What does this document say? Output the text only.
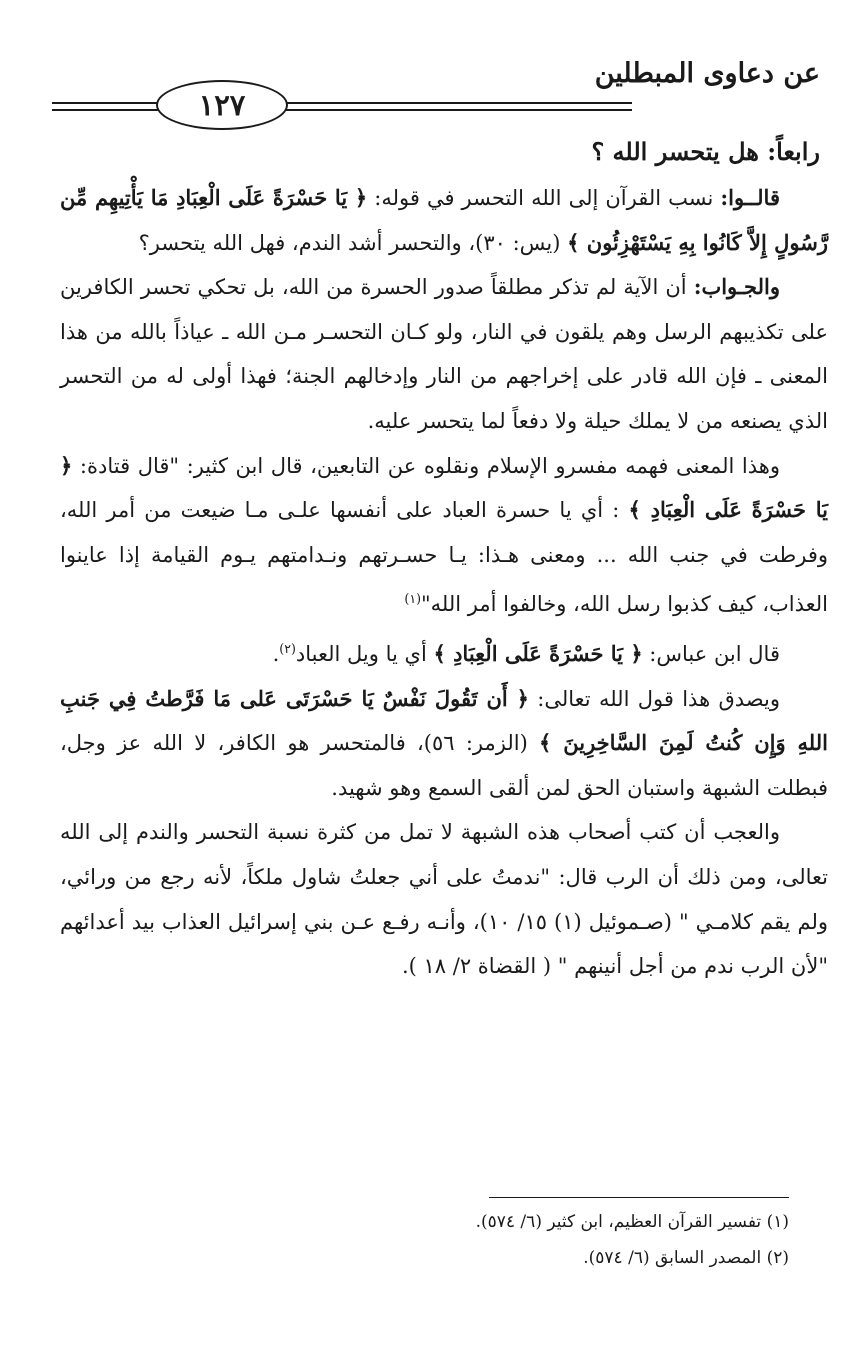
عن دعاوى المبطلين
١٢٧
رابعاً: هل يتحسر الله ؟

قالــوا: نسب القرآن إلى الله التحسر في قوله: ﴿ يَا حَسْرَةً عَلَى الْعِبَادِ مَا يَأْتِيهِم مِّن رَّسُولٍ إِلاَّ كَانُوا بِهِ يَسْتَهْزِئُون ﴾ (يس: ٣٠)، والتحسر أشد الندم، فهل الله يتحسر؟

والجـواب: أن الآية لم تذكر مطلقاً صدور الحسرة من الله، بل تحكي تحسر الكافرين على تكذيبهم الرسل وهم يلقون في النار، ولو كـان التحسـر مـن الله ـ عياذاً بالله من هذا المعنى ـ فإن الله قادر على إخراجهم من النار وإدخالهم الجنة؛ فهذا أولى له من التحسر الذي يصنعه من لا يملك حيلة ولا دفعاً لما يتحسر عليه.

وهذا المعنى فهمه مفسرو الإسلام ونقلوه عن التابعين، قال ابن كثير: "قال قتادة: ﴿ يَا حَسْرَةً عَلَى الْعِبَادِ ﴾ : أي يا حسرة العباد على أنفسها علـى مـا ضيعت من أمر الله، وفرطت في جنب الله ... ومعنى هـذا: يـا حسـرتهم ونـدامتهم يـوم القيامة إذا عاينوا العذاب، كيف كذبوا رسل الله، وخالفوا أمر الله"$^{(١)}$

قال ابن عباس: ﴿ يَا حَسْرَةً عَلَى الْعِبَادِ ﴾ أي يا ويل العباد$^{(٢)}$.

ويصدق هذا قول الله تعالى: ﴿ أَن تَقُولَ نَفْسٌ يَا حَسْرَتَى عَلى مَا فَرَّطتُ فِي جَنبِ اللهِ وَإِن كُنتُ لَمِنَ السَّاخِرِينَ ﴾ (الزمر: ٥٦)، فالمتحسر هو الكافر، لا الله عز وجل، فبطلت الشبهة واستبان الحق لمن ألقى السمع وهو شهيد.

والعجب أن كتب أصحاب هذه الشبهة لا تمل من كثرة نسبة التحسر والندم إلى الله تعالى، ومن ذلك أن الرب قال: "ندمتُ على أني جعلتُ شاول ملكاً، لأنه رجع من ورائي، ولم يقم كلامـي " (صـموئيل (١) ١٥/ ١٠)، وأنـه رفـع عـن بني إسرائيل العذاب بيد أعدائهم "لأن الرب ندم من أجل أنينهم " ( القضاة ٢/ ١٨ ).

(١) تفسير القرآن العظيم، ابن كثير (٦/ ٥٧٤).
(٢) المصدر السابق (٦/ ٥٧٤).
